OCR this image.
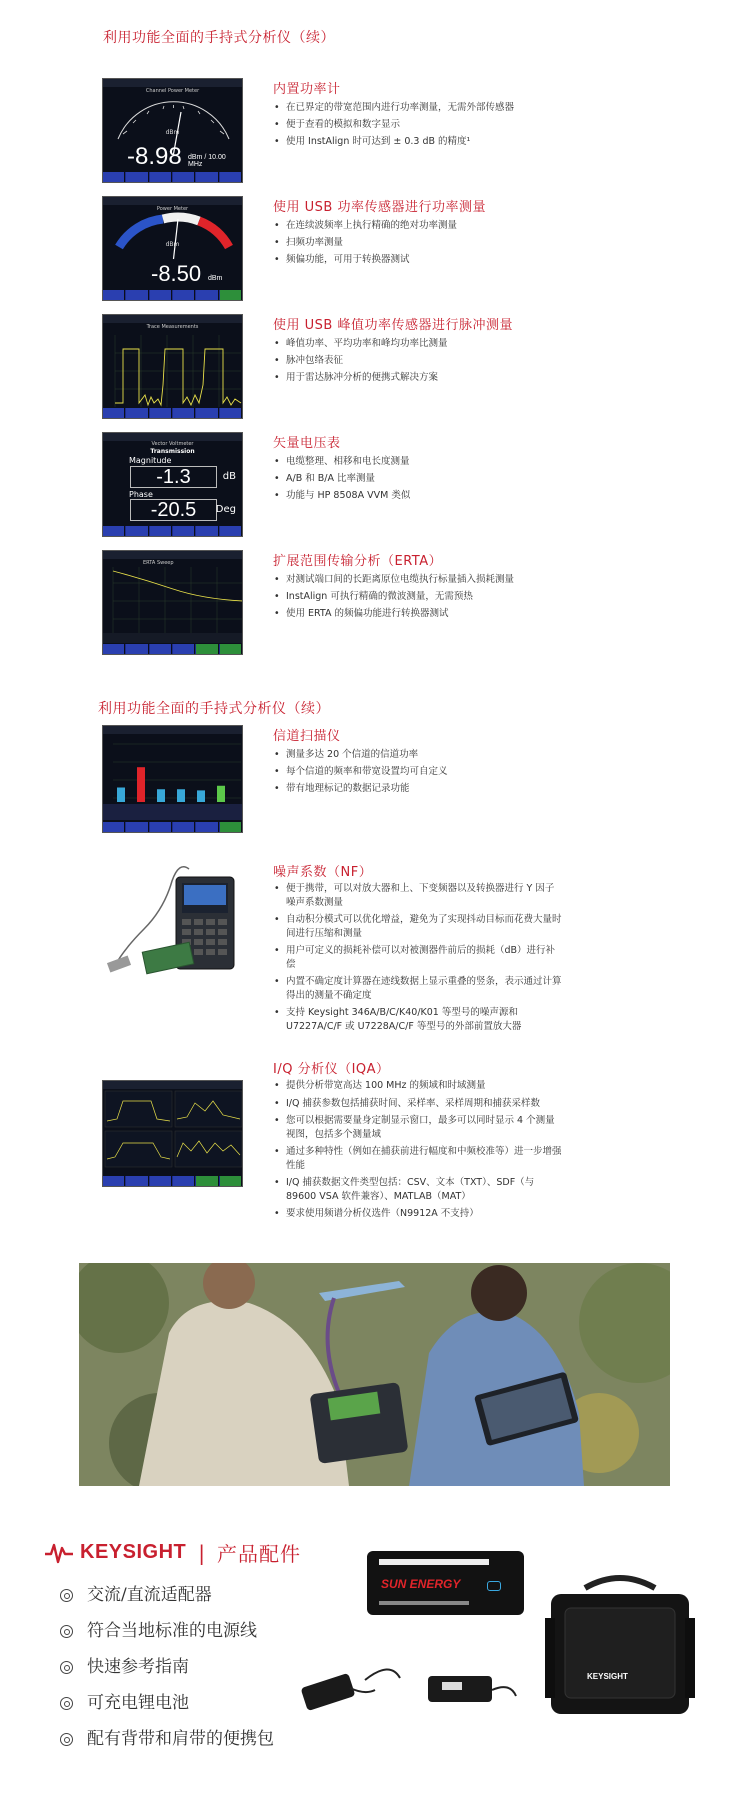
利用功能全面的手持式分析仪（续）
Channel Power Meter
dBm
-8.98 dBm / 10.00 MHz
内置功率计
• 在已界定的带宽范围内进行功率测量，无需外部传感器
• 便于查看的模拟和数字显示
• 使用 InstAlign 时可达到 ± 0.3 dB 的精度¹
Power Meter
dBm
-8.50 dBm
使用 USB 功率传感器进行功率测量
• 在连续波频率上执行精确的绝对功率测量
• 扫频功率测量
• 频偏功能，可用于转换器测试
Trace Measurements	使用 USB 峰值功率传感器进行脉冲测量
• 峰值功率、平均功率和峰均功率比测量
• 脉冲包络表征
• 用于雷达脉冲分析的便携式解决方案
Vector Voltmeter
Transmission
Magnitude
-1.3	dB
Phase
-20.5	Deg
矢量电压表
• 电缆整理、相移和电长度测量
• A/B 和 B/A 比率测量
• 功能与 HP 8508A VVM 类似
ERTA Sweep	扩展范围传输分析（ERTA）
• 对测试端口间的长距离原位电缆执行标量插入损耗测量
• InstAlign 可执行精确的微波测量，无需预热
• 使用 ERTA 的频偏功能进行转换器测试
利用功能全面的手持式分析仪（续）
信道扫描仪
• 测量多达 20 个信道的信道功率
• 每个信道的频率和带宽设置均可自定义
• 带有地理标记的数据记录功能
噪声系数（NF）
• 便于携带，可以对放大器和上、下变频器以及转换器进行 Y 因子噪声系数测量
• 自动积分模式可以优化增益，避免为了实现抖动目标而花费大量时间进行压缩和测量
• 用户可定义的损耗补偿可以对被测器件前后的损耗（dB）进行补偿
• 内置不确定度计算器在迹线数据上显示重叠的竖条，表示通过计算得出的测量不确定度
• 支持 Keysight 346A/B/C/K40/K01 等型号的噪声源和 U7227A/C/F 或 U7228A/C/F 等型号的外部前置放大器
I/Q 分析仪（IQA）
• 提供分析带宽高达 100 MHz 的频域和时域测量
• I/Q 捕获参数包括捕获时间、采样率、采样周期和捕获采样数
• 您可以根据需要量身定制显示窗口，最多可以同时显示 4 个测量视图，包括多个测量域
• 通过多种特性（例如在捕获前进行幅度和中频校准等）进一步增强性能
• I/Q 捕获数据文件类型包括：CSV、文本（TXT）、SDF（与 89600 VSA 软件兼容）、MATLAB（MAT）
• 要求使用频谱分析仪选件（N9912A 不支持）
KEYSIGHT | 产品配件
交流/直流适配器
符合当地标准的电源线
快速参考指南
可充电锂电池
配有背带和肩带的便携包
SUN ENERGY
KEYSIGHT
